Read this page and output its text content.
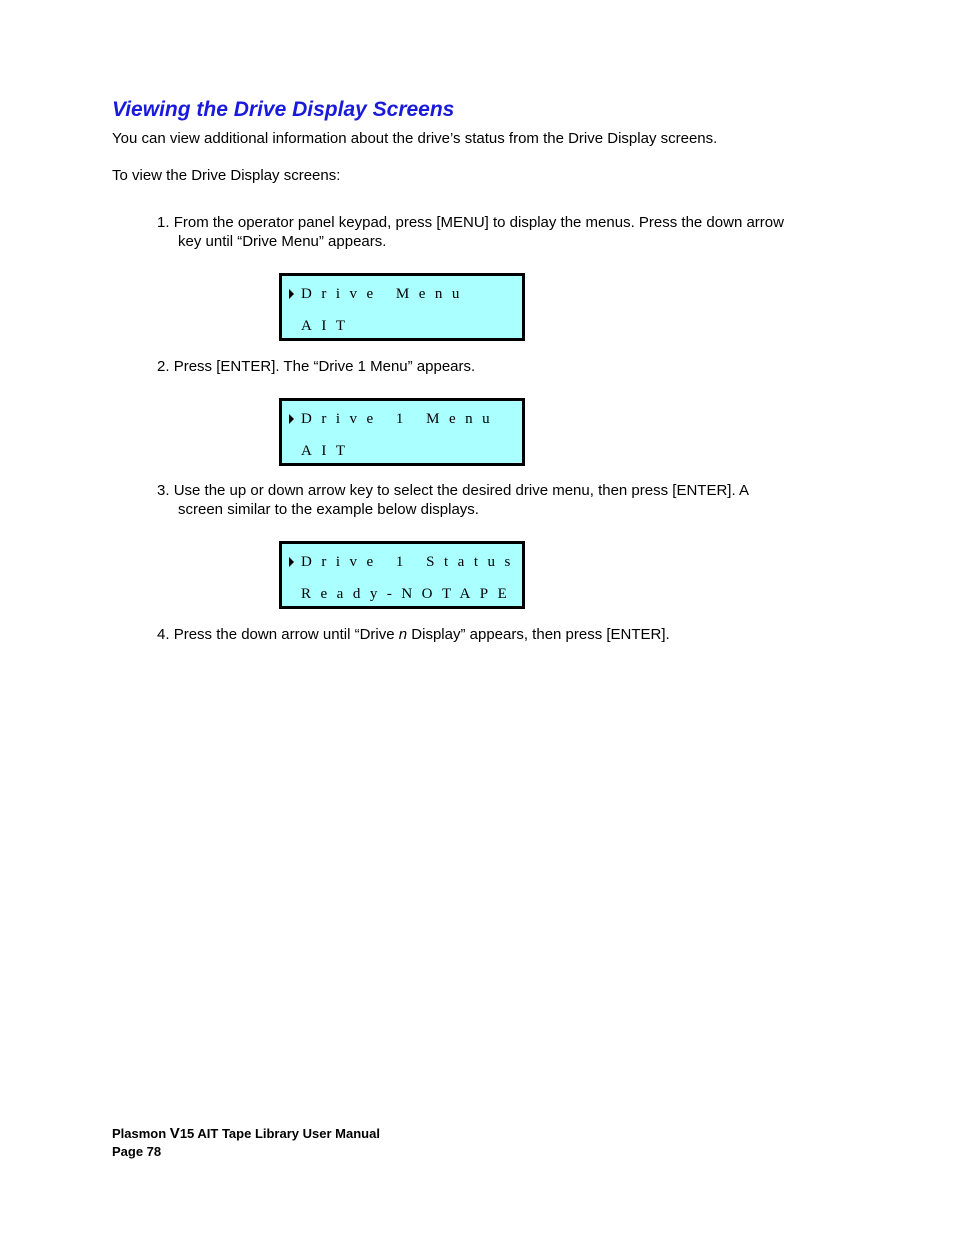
Viewing the Drive Display Screens

You can view additional information about the drive’s status from the Drive Display screens.

To view the Drive Display screens:

1. From the operator panel keypad, press [MENU] to display the menus. Press the down arrow
key until “Drive Menu” appears.

Drive Menu
AIT

2. Press [ENTER]. The “Drive 1 Menu” appears.

Drive 1 Menu
AIT

3. Use the up or down arrow key to select the desired drive menu, then press [ENTER]. A
screen similar to the example below displays.

Drive 1 Status
Ready-NOTAPE

4. Press the down arrow until “Drive n Display” appears, then press [ENTER].

Plasmon V15 AIT Tape Library User Manual

Page 78
